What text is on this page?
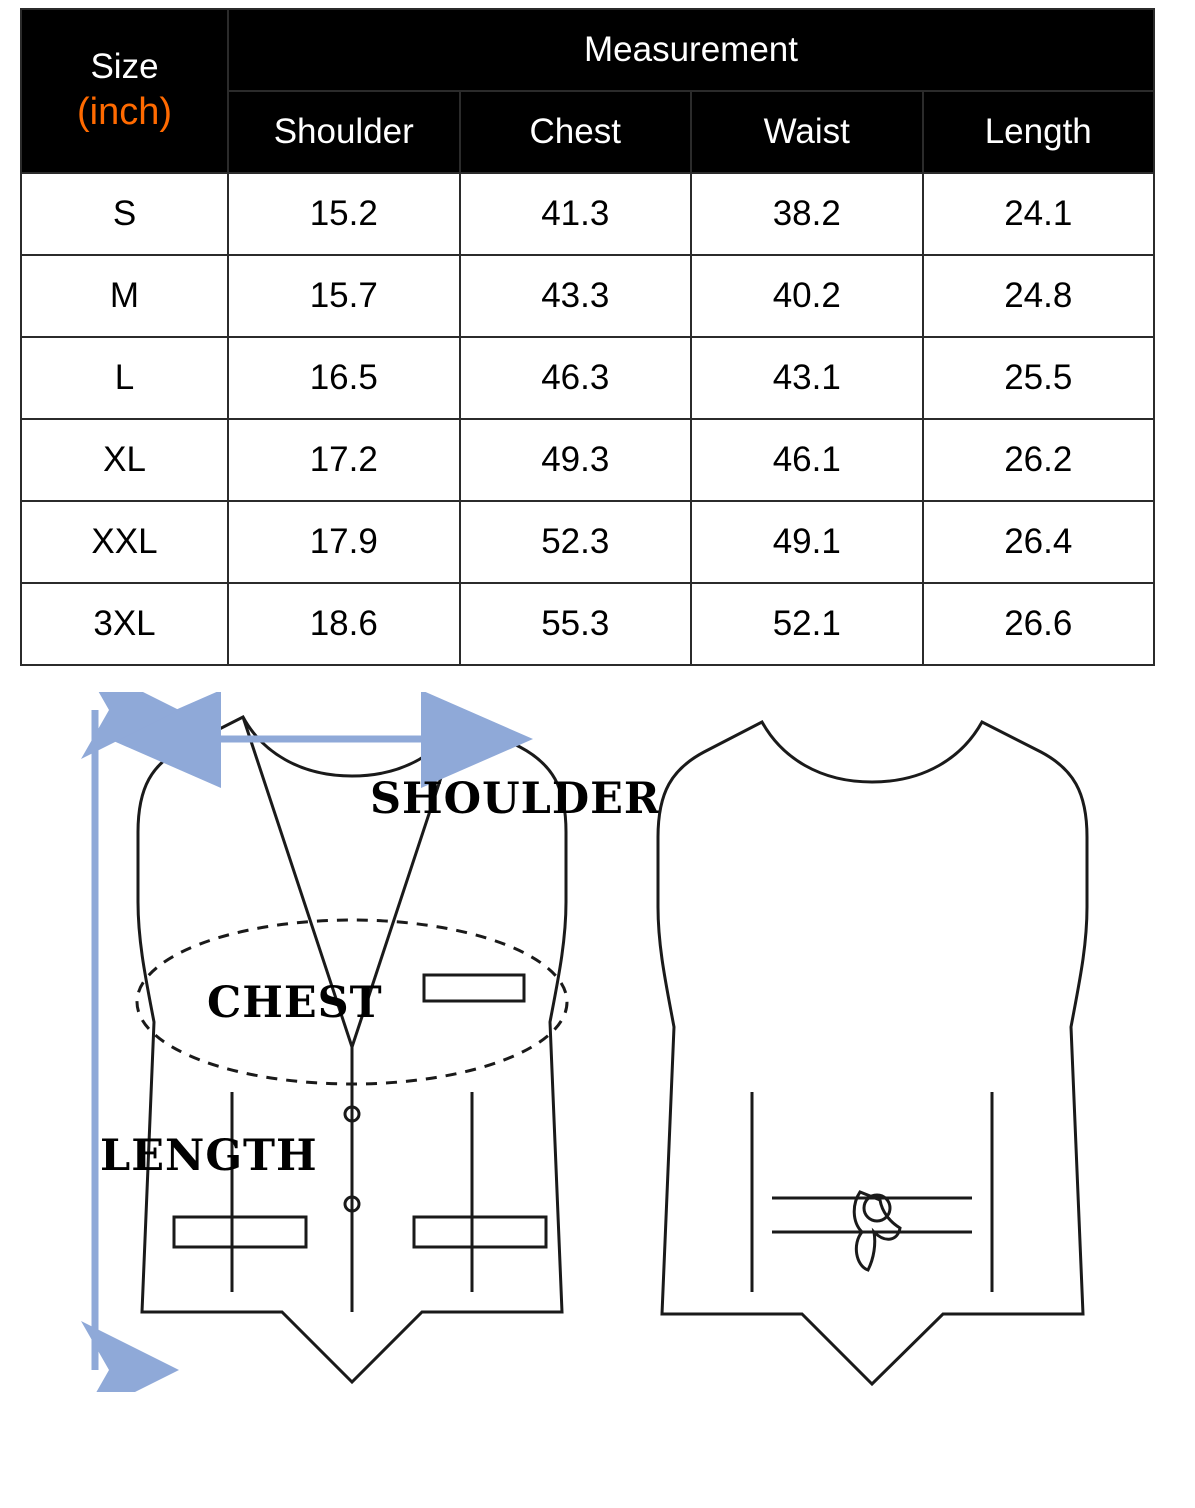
Size
(inch)	Measurement			
	Shoulder	Chest	Waist	Length
S	15.2	41.3	38.2	24.1
M	15.7	43.3	40.2	24.8
L	16.5	46.3	43.1	25.5
XL	17.2	49.3	46.1	26.2
XXL	17.9	52.3	49.1	26.4
3XL	18.6	55.3	52.1	26.6
SHOULDER
CHEST
LENGTH
